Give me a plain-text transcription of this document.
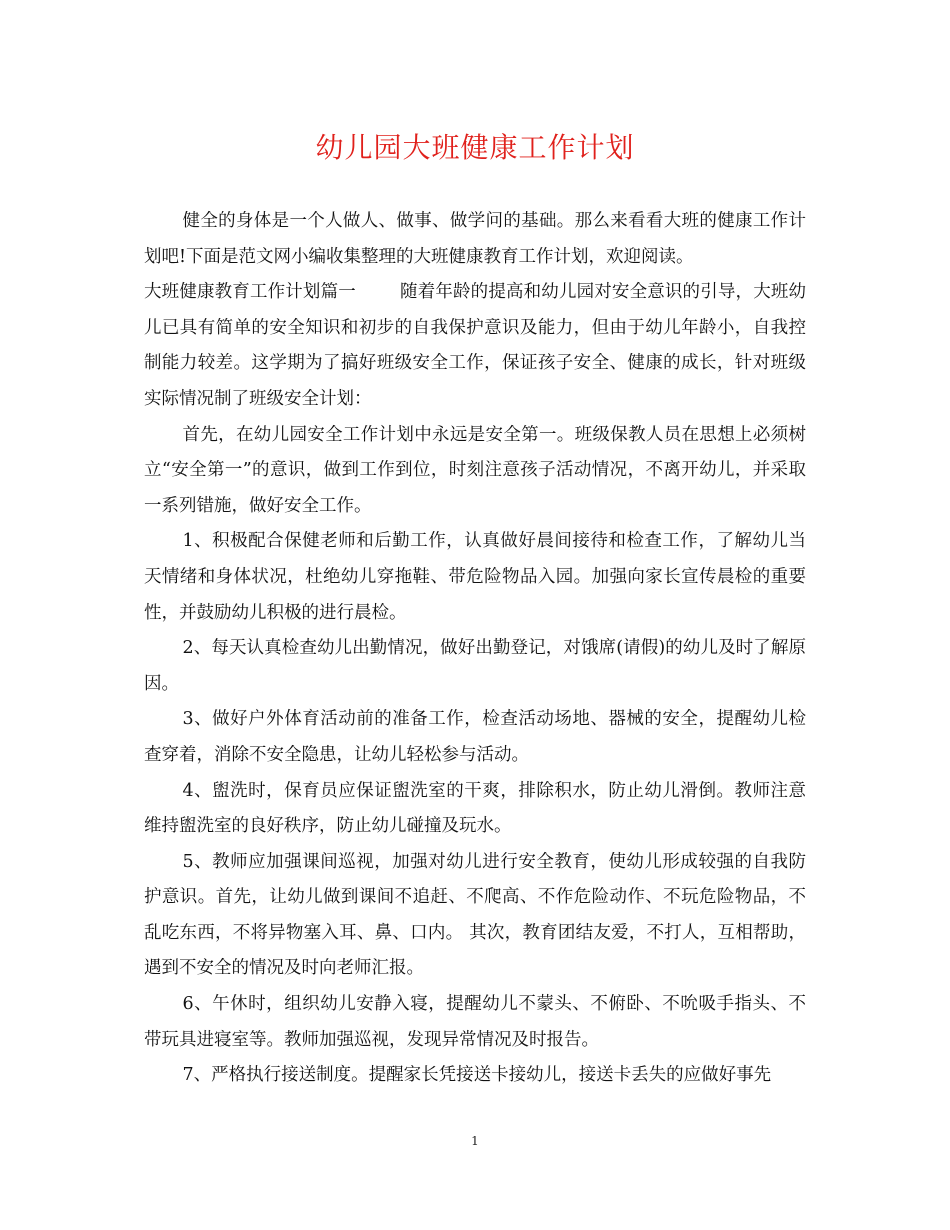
幼儿园大班健康工作计划

健全的身体是一个人做人、做事、做学问的基础。那么来看看大班的健康工作计划吧!下面是范文网小编收集整理的大班健康教育工作计划，欢迎阅读。

大班健康教育工作计划篇一	随着年龄的提高和幼儿园对安全意识的引导，大班幼儿已具有简单的安全知识和初步的自我保护意识及能力，但由于幼儿年龄小，自我控制能力较差。这学期为了搞好班级安全工作，保证孩子安全、健康的成长，针对班级实际情况制了班级安全计划：

首先，在幼儿园安全工作计划中永远是安全第一。班级保教人员在思想上必须树立“安全第一”的意识，做到工作到位，时刻注意孩子活动情况，不离开幼儿，并采取一系列错施，做好安全工作。

1、积极配合保健老师和后勤工作，认真做好晨间接待和检查工作，了解幼儿当天情绪和身体状况，杜绝幼儿穿拖鞋、带危险物品入园。加强向家长宣传晨检的重要性，并鼓励幼儿积极的进行晨检。

2、每天认真检查幼儿出勤情况，做好出勤登记，对饿席(请假)的幼儿及时了解原因。

3、做好户外体育活动前的准备工作，检查活动场地、器械的安全，提醒幼儿检查穿着，消除不安全隐患，让幼儿轻松参与活动。

4、盥洗时，保育员应保证盥洗室的干爽，排除积水，防止幼儿滑倒。教师注意维持盥洗室的良好秩序，防止幼儿碰撞及玩水。

5、教师应加强课间巡视，加强对幼儿进行安全教育，使幼儿形成较强的自我防护意识。首先，让幼儿做到课间不追赶、不爬高、不作危险动作、不玩危险物品，不乱吃东西，不将异物塞入耳、鼻、口内。 其次，教育团结友爱，不打人，互相帮助，遇到不安全的情况及时向老师汇报。

6、午休时，组织幼儿安静入寝，提醒幼儿不蒙头、不俯卧、不吮吸手指头、不带玩具进寝室等。教师加强巡视，发现异常情况及时报告。

7、严格执行接送制度。提醒家长凭接送卡接幼儿，接送卡丢失的应做好事先

1
